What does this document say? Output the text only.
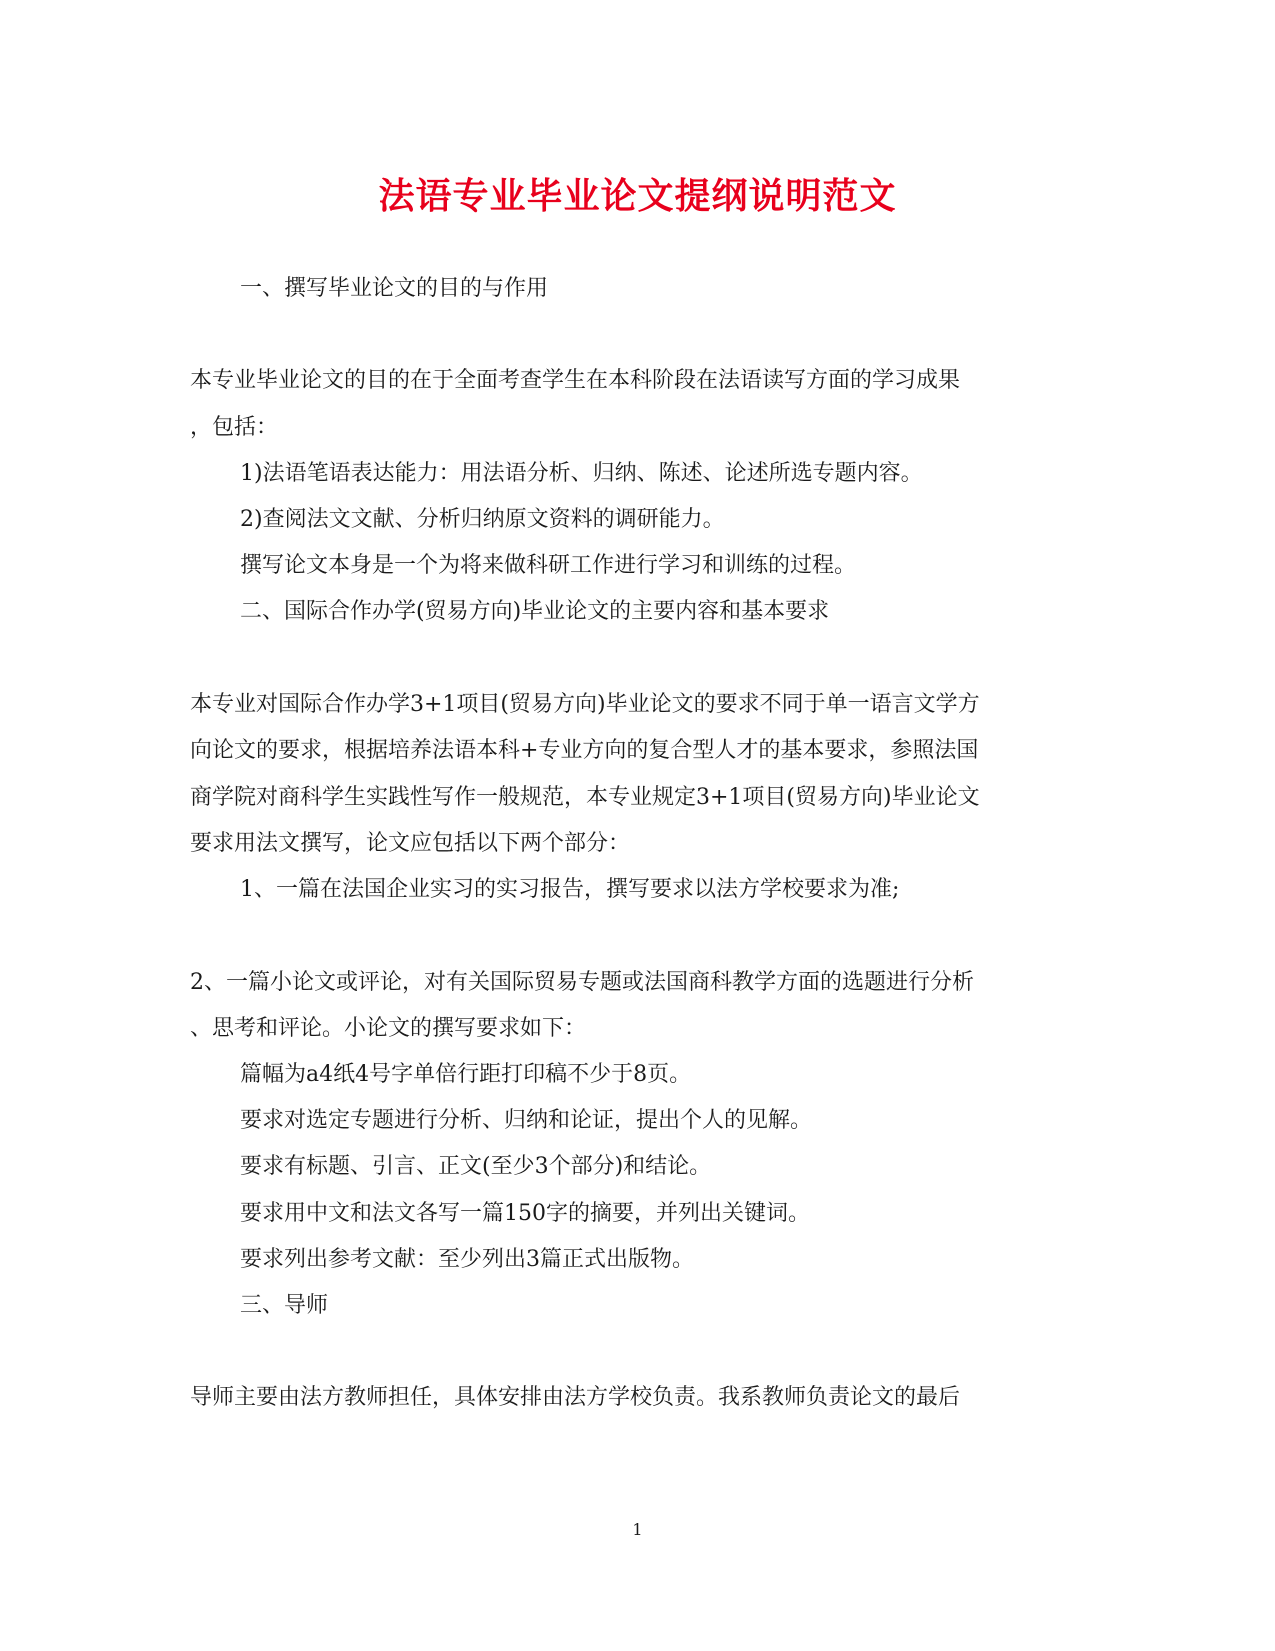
法语专业毕业论文提纲说明范文
一、撰写毕业论文的目的与作用
本专业毕业论文的目的在于全面考查学生在本科阶段在法语读写方面的学习成果
，包括：
1)法语笔语表达能力：用法语分析、归纳、陈述、论述所选专题内容。
2)查阅法文文献、分析归纳原文资料的调研能力。
撰写论文本身是一个为将来做科研工作进行学习和训练的过程。
二、国际合作办学(贸易方向)毕业论文的主要内容和基本要求
本专业对国际合作办学3+1项目(贸易方向)毕业论文的要求不同于单一语言文学方
向论文的要求，根据培养法语本科+专业方向的复合型人才的基本要求，参照法国
商学院对商科学生实践性写作一般规范，本专业规定3+1项目(贸易方向)毕业论文
要求用法文撰写，论文应包括以下两个部分：
1、一篇在法国企业实习的实习报告，撰写要求以法方学校要求为准;
2、一篇小论文或评论，对有关国际贸易专题或法国商科教学方面的选题进行分析
、思考和评论。小论文的撰写要求如下：
篇幅为a4纸4号字单倍行距打印稿不少于8页。
要求对选定专题进行分析、归纳和论证，提出个人的见解。
要求有标题、引言、正文(至少3个部分)和结论。
要求用中文和法文各写一篇150字的摘要，并列出关键词。
要求列出参考文献：至少列出3篇正式出版物。
三、导师
导师主要由法方教师担任，具体安排由法方学校负责。我系教师负责论文的最后
1
